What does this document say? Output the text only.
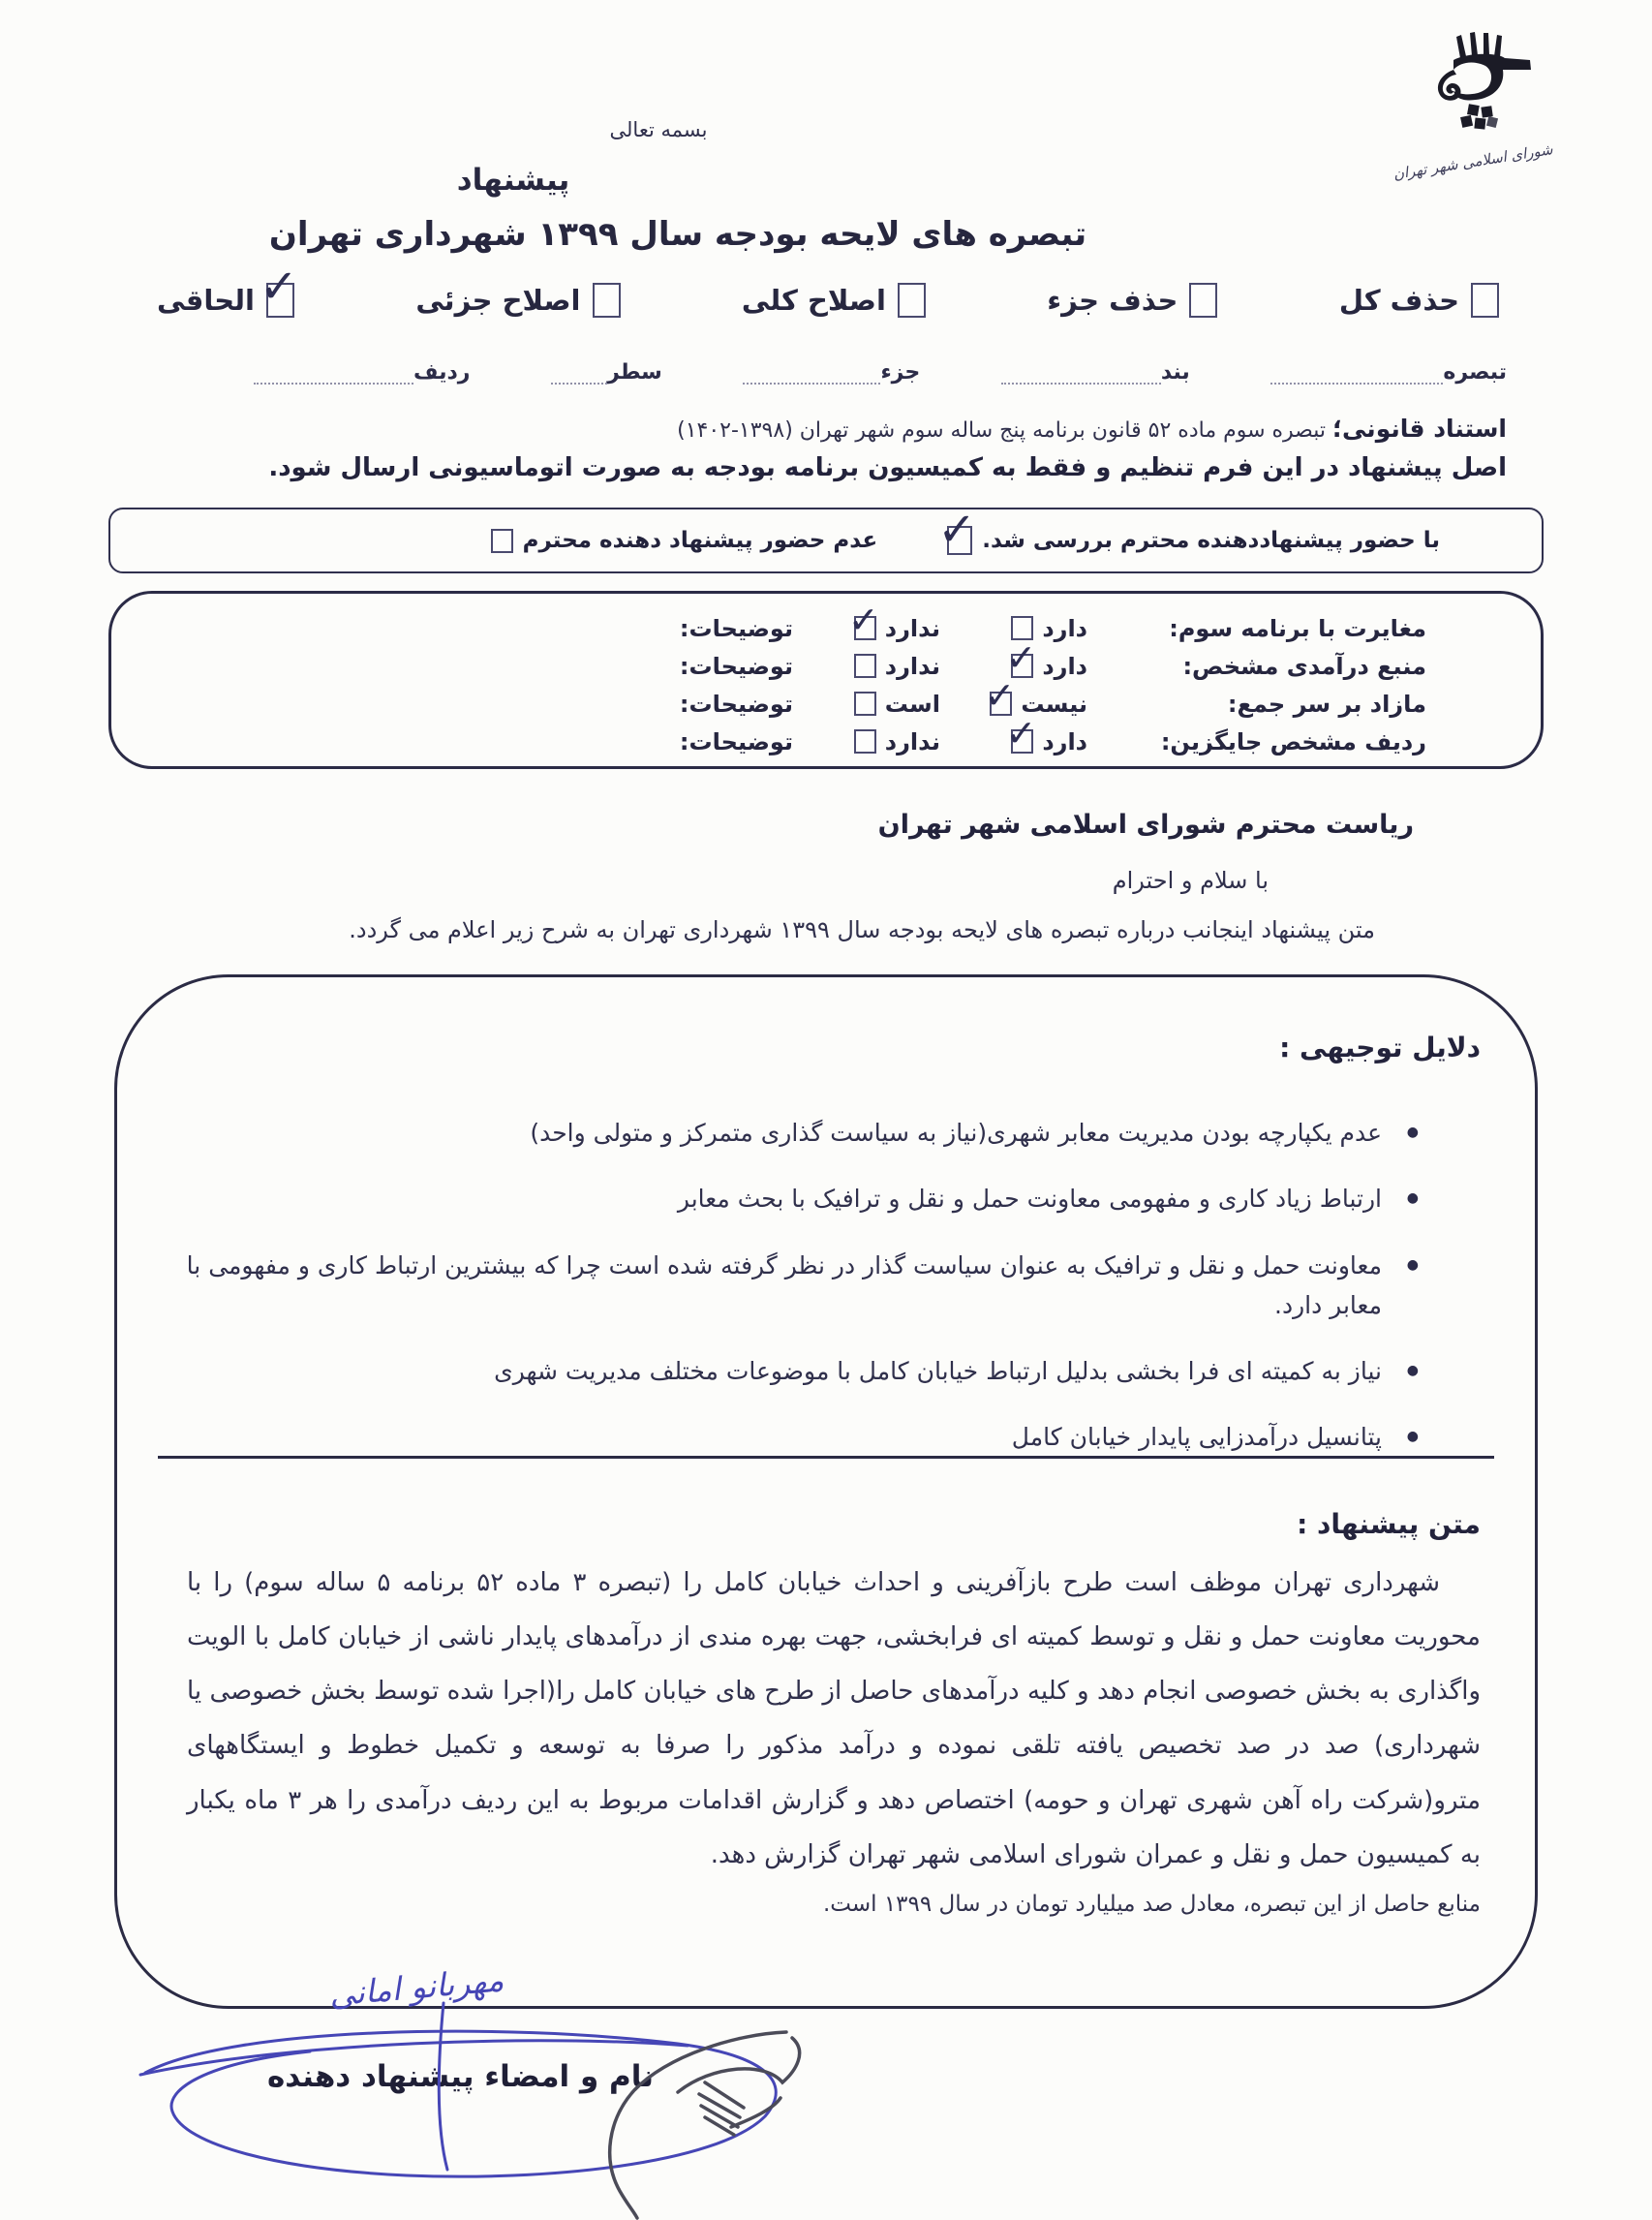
شورای اسلامی شهر تهران
بسمه تعالی
پیشنهاد
تبصره های لایحه بودجه سال ۱۳۹۹ شهرداری تهران
حذف کل
حذف جزء
اصلاح کلی
اصلاح جزئی
✓
الحاقی
تبصره
بند
جزء
سطر
ردیف
استناد قانونی؛ تبصره سوم ماده ۵۲ قانون برنامه پنج ساله سوم شهر تهران (۱۳۹۸-۱۴۰۲)
اصل پیشنهاد در این فرم تنظیم و فقط به کمیسیون برنامه بودجه به صورت اتوماسیونی ارسال شود.
با حضور پیشنهاددهنده محترم بررسی شد.
✓
عدم حضور پیشنهاد دهنده محترم
مغایرت با برنامه سوم:
دارد
ندارد
✓
توضیحات:
منبع درآمدی مشخص:
دارد
✓
ندارد
توضیحات:
مازاد بر سر جمع:
نیست
✓
است
توضیحات:
ردیف مشخص جایگزین:
دارد
✓
ندارد
توضیحات:
ریاست محترم شورای اسلامی شهر تهران
با سلام و احترام
متن پیشنهاد اینجانب درباره تبصره های لایحه بودجه سال ۱۳۹۹ شهرداری تهران به شرح زیر اعلام می گردد.
دلایل توجیهی :
● عدم یکپارچه بودن مدیریت معابر شهری(نیاز به سیاست گذاری متمرکز و متولی واحد)
● ارتباط زیاد کاری و مفهومی معاونت حمل و نقل و ترافیک با بحث معابر
● معاونت حمل و نقل و ترافیک به عنوان سیاست گذار در نظر گرفته شده است چرا که بیشترین ارتباط کاری و مفهومی با معابر دارد.
● نیاز به کمیته ای فرا بخشی بدلیل ارتباط خیابان کامل با موضوعات مختلف مدیریت شهری
● پتانسیل درآمدزایی پایدار خیابان کامل
متن پیشنهاد :
شهرداری تهران موظف است طرح بازآفرینی و احداث خیابان کامل را (تبصره ۳ ماده ۵۲ برنامه ۵ ساله سوم) را با محوریت معاونت حمل و نقل و توسط کمیته ای فرابخشی، جهت بهره مندی از درآمدهای پایدار ناشی از خیابان کامل با الویت واگذاری به بخش خصوصی انجام دهد و کلیه درآمدهای حاصل از طرح های خیابان کامل را(اجرا شده توسط بخش خصوصی یا شهرداری) صد در صد تخصیص یافته تلقی نموده و درآمد مذکور را صرفا به توسعه و تکمیل خطوط و ایستگاههای مترو(شرکت راه آهن شهری تهران و حومه) اختصاص دهد و گزارش اقدامات مربوط به این ردیف درآمدی را هر ۳ ماه یکبار به کمیسیون حمل و نقل و عمران شورای اسلامی شهر تهران گزارش دهد.
منابع حاصل از این تبصره، معادل صد میلیارد تومان در سال ۱۳۹۹ است.
مهربانو امانی
نام و امضاء پیشنهاد دهنده
